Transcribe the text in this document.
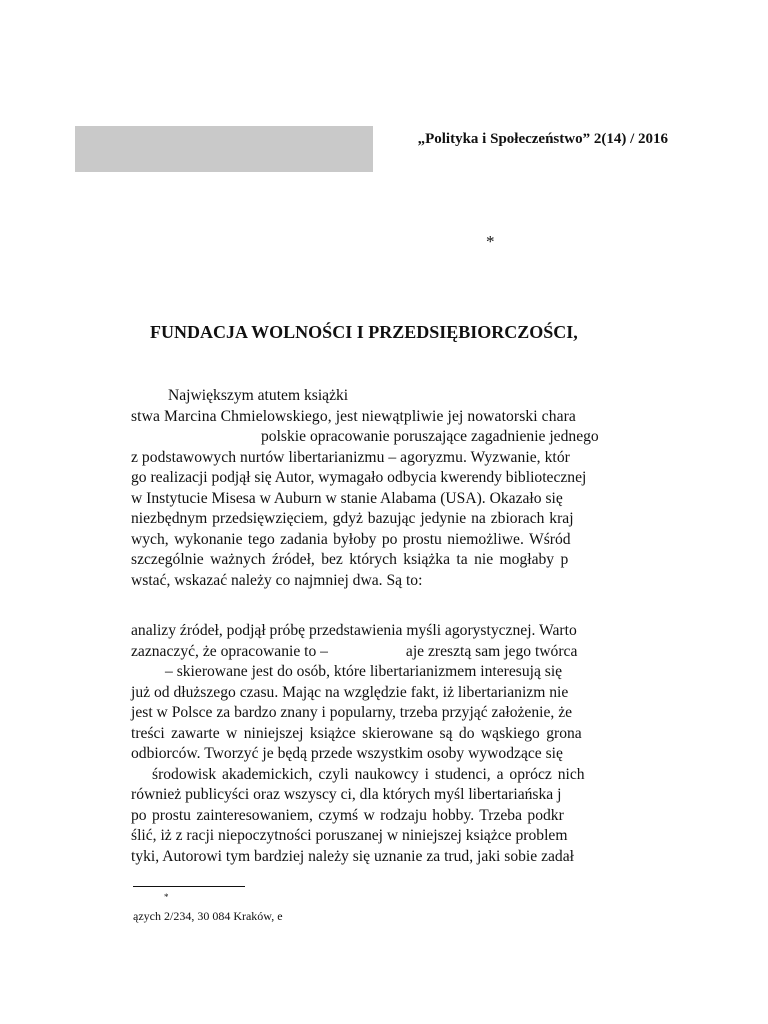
„Polityka i Społeczeństwo” 2(14) / 2016
*
FUNDACJA WOLNOŚCI I PRZEDSIĘBIORCZOŚCI,
Największym atutem książki
stwa Marcina Chmielowskiego, jest niewątpliwie jej nowatorski chara
polskie opracowanie poruszające zagadnienie jednego
z podstawowych nurtów libertarianizmu – agoryzmu. Wyzwanie, któr
go realizacji podjął się Autor, wymagało odbycia kwerendy bibliotecznej
w Instytucie Misesa w Auburn w stanie Alabama (USA). Okazało się
niezbędnym przedsięwzięciem, gdyż bazując jedynie na zbiorach kraj
wych, wykonanie tego zadania byłoby po prostu niemożliwe. Wśród
szczególnie ważnych źródeł, bez których książka ta nie mogłaby p
wstać, wskazać należy co najmniej dwa. Są to:
analizy źródeł, podjął próbę przedstawienia myśli agorystycznej. Warto
zaznaczyć, że opracowanie to –                    aje zresztą sam jego twórca
– skierowane jest do osób, które libertarianizmem interesują się
już od dłuższego czasu. Mając na względzie fakt, iż libertarianizm nie
jest w Polsce za bardzo znany i popularny, trzeba przyjąć założenie, że
treści zawarte w niniejszej książce skierowane są do wąskiego grona
odbiorców. Tworzyć je będą przede wszystkim osoby wywodzące się
środowisk akademickich, czyli naukowcy i studenci, a oprócz nich
również publicyści oraz wszyscy ci, dla których myśl libertariańska j
po prostu zainteresowaniem, czymś w rodzaju hobby. Trzeba podkr
ślić, iż z racji niepoczytności poruszanej w niniejszej książce problem
tyki, Autorowi tym bardziej należy się uznanie za trud, jaki sobie zadał
*
ązych 2/234, 30 084 Kraków, e
